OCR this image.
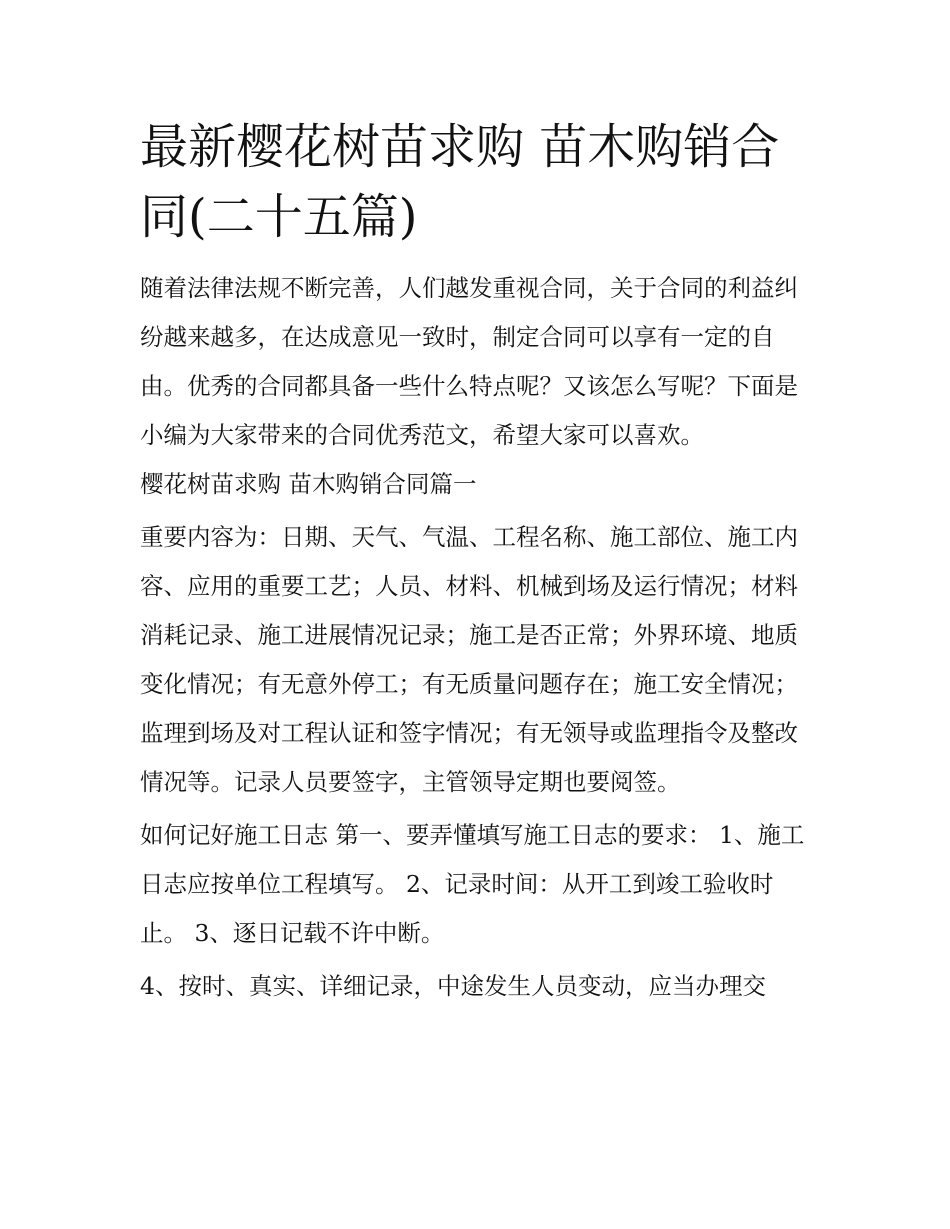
最新樱花树苗求购 苗木购销合同(二十五篇)

随着法律法规不断完善，人们越发重视合同，关于合同的利益纠纷越来越多，在达成意见一致时，制定合同可以享有一定的自由。优秀的合同都具备一些什么特点呢？又该怎么写呢？下面是小编为大家带来的合同优秀范文，希望大家可以喜欢。

樱花树苗求购 苗木购销合同篇一

重要内容为：日期、天气、气温、工程名称、施工部位、施工内容、应用的重要工艺；人员、材料、机械到场及运行情况；材料消耗记录、施工进展情况记录；施工是否正常；外界环境、地质变化情况；有无意外停工；有无质量问题存在；施工安全情况；监理到场及对工程认证和签字情况；有无领导或监理指令及整改情况等。记录人员要签字，主管领导定期也要阅签。

如何记好施工日志 第一、要弄懂填写施工日志的要求： 1、施工日志应按单位工程填写。 2、记录时间：从开工到竣工验收时止。 3、逐日记载不许中断。

4、按时、真实、详细记录，中途发生人员变动，应当办理交
